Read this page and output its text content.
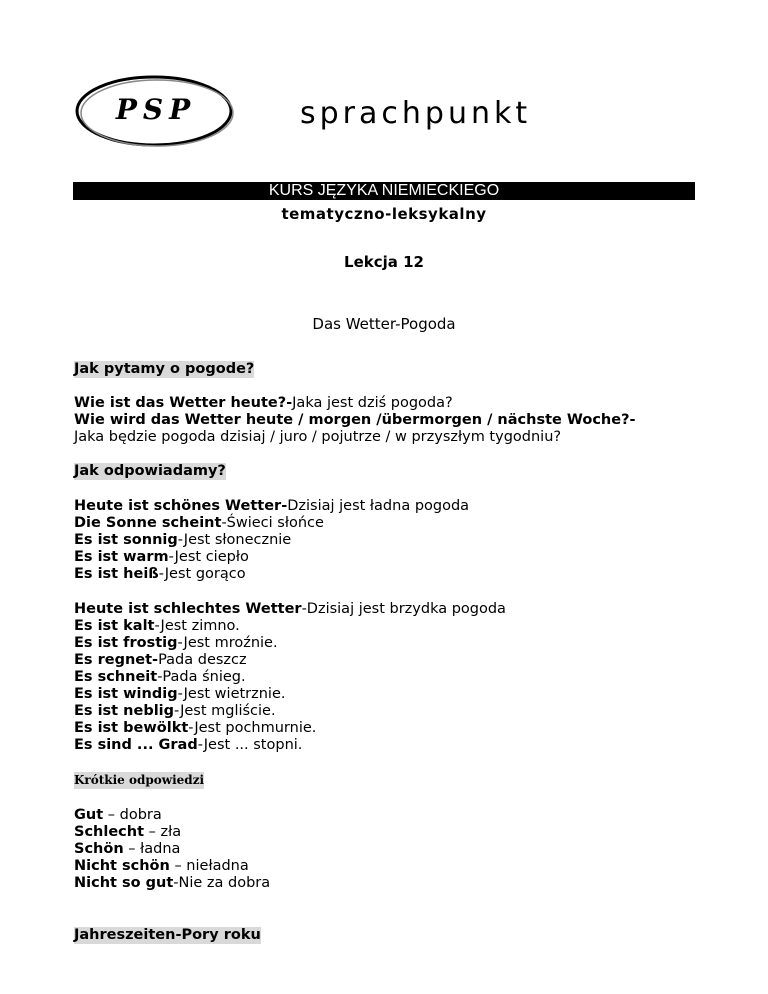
PSP	sprachpunkt
KURS JĘZYKA NIEMIECKIEGO
tematyczno-leksykalny
Lekcja 12
Das Wetter-Pogoda

Jak pytamy o pogode?

Wie ist das Wetter heute?-Jaka jest dziś pogoda?

Wie wird das Wetter heute / morgen /übermorgen / nächste Woche?-

Jaka będzie pogoda dzisiaj / juro / pojutrze / w przyszłym tygodniu?

Jak odpowiadamy?

Heute ist schönes Wetter-Dzisiaj jest ładna pogoda

Die Sonne scheint-Świeci słońce

Es ist sonnig-Jest słonecznie

Es ist warm-Jest ciepło

Es ist heiß-Jest gorąco

Heute ist schlechtes Wetter-Dzisiaj jest brzydka pogoda

Es ist kalt-Jest zimno.

Es ist frostig-Jest mroźnie.

Es regnet-Pada deszcz

Es schneit-Pada śnieg.

Es ist windig-Jest wietrznie.

Es ist neblig-Jest mgliście.

Es ist bewölkt-Jest pochmurnie.

Es sind ... Grad-Jest ... stopni.

Krótkie odpowiedzi

Gut – dobra

Schlecht – zła

Schön – ładna

Nicht schön – nieładna

Nicht so gut-Nie za dobra

Jahreszeiten-Pory roku
